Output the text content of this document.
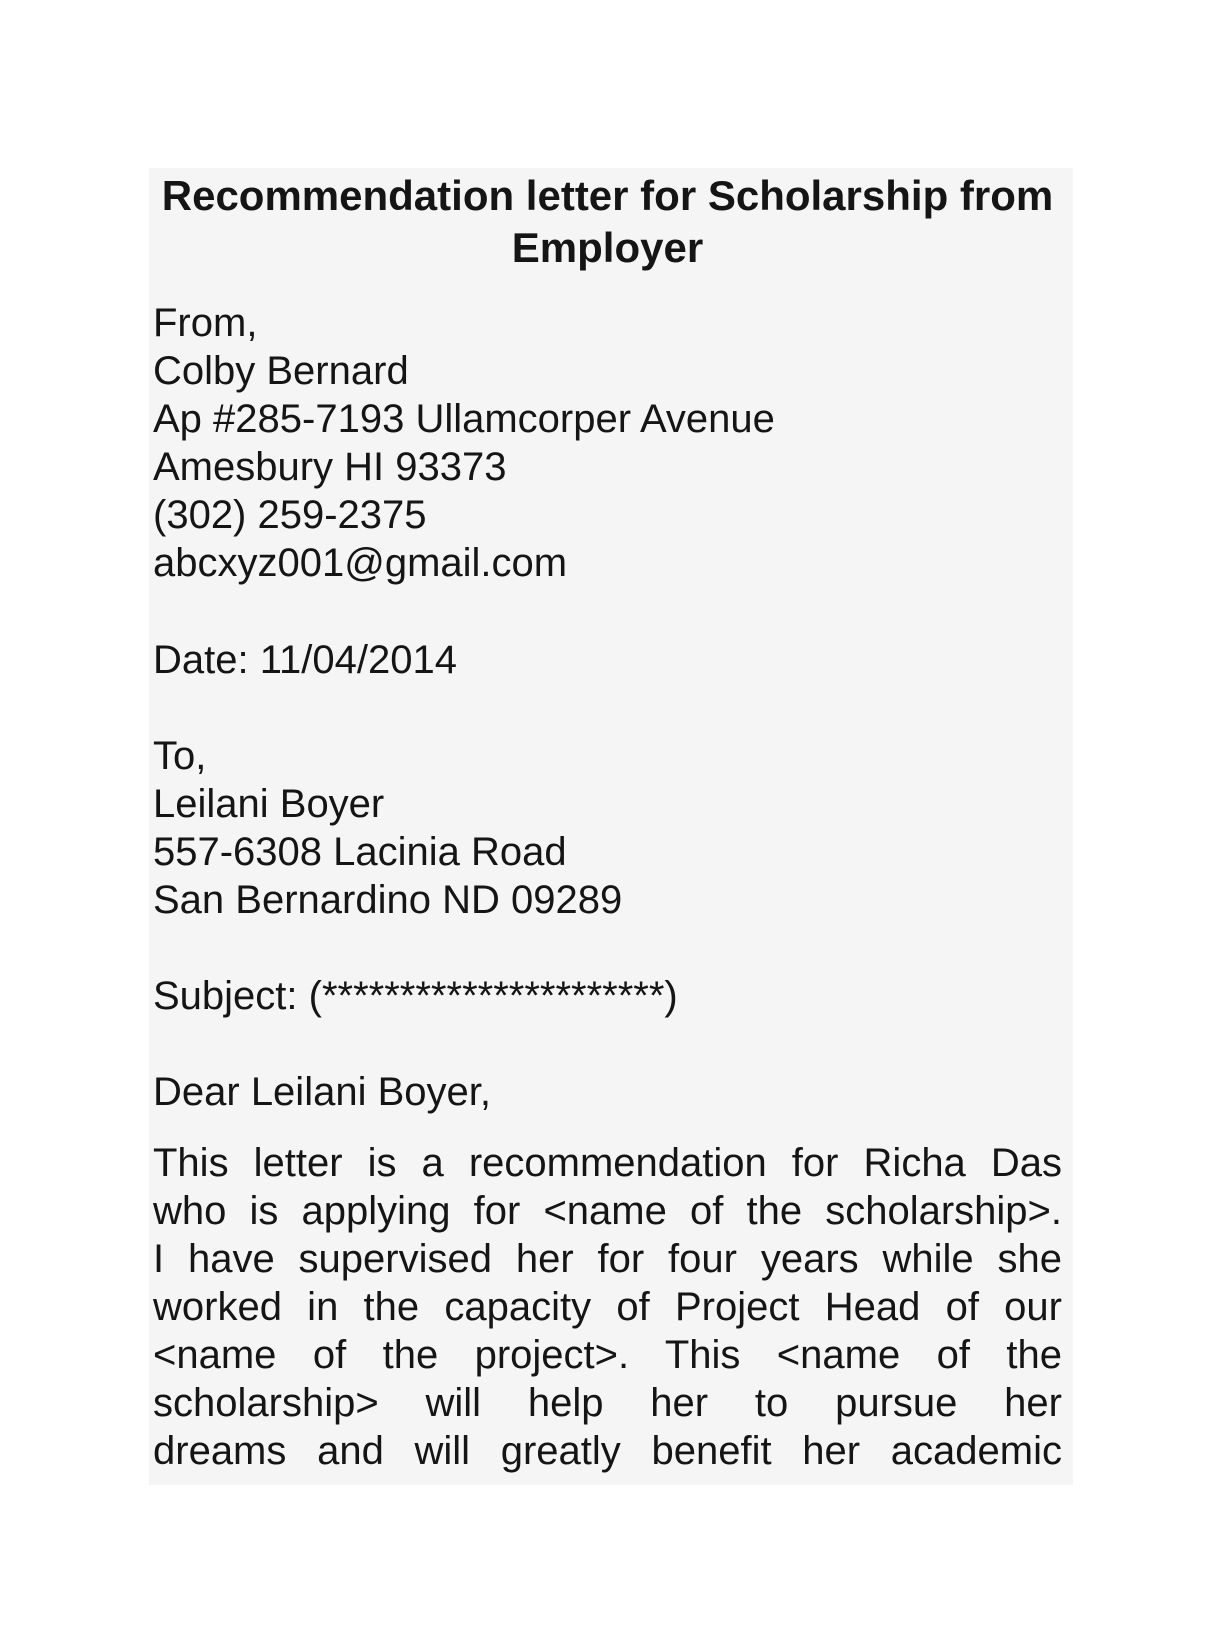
Recommendation letter for Scholarship from Employer
From,
Colby Bernard
Ap #285-7193 Ullamcorper Avenue
Amesbury HI 93373
(302) 259-2375
abcxyz001@gmail.com
Date: 11/04/2014
To,
Leilani Boyer
557-6308 Lacinia Road
San Bernardino ND 09289
Subject: (**********************)
Dear Leilani Boyer,
This letter is a recommendation for Richa Das
who is applying for <name of the scholarship>.
I have supervised her for four years while she
worked in the capacity of Project Head of our
<name of the project>. This <name of the
scholarship> will help her to pursue her
dreams and will greatly benefit her academic
